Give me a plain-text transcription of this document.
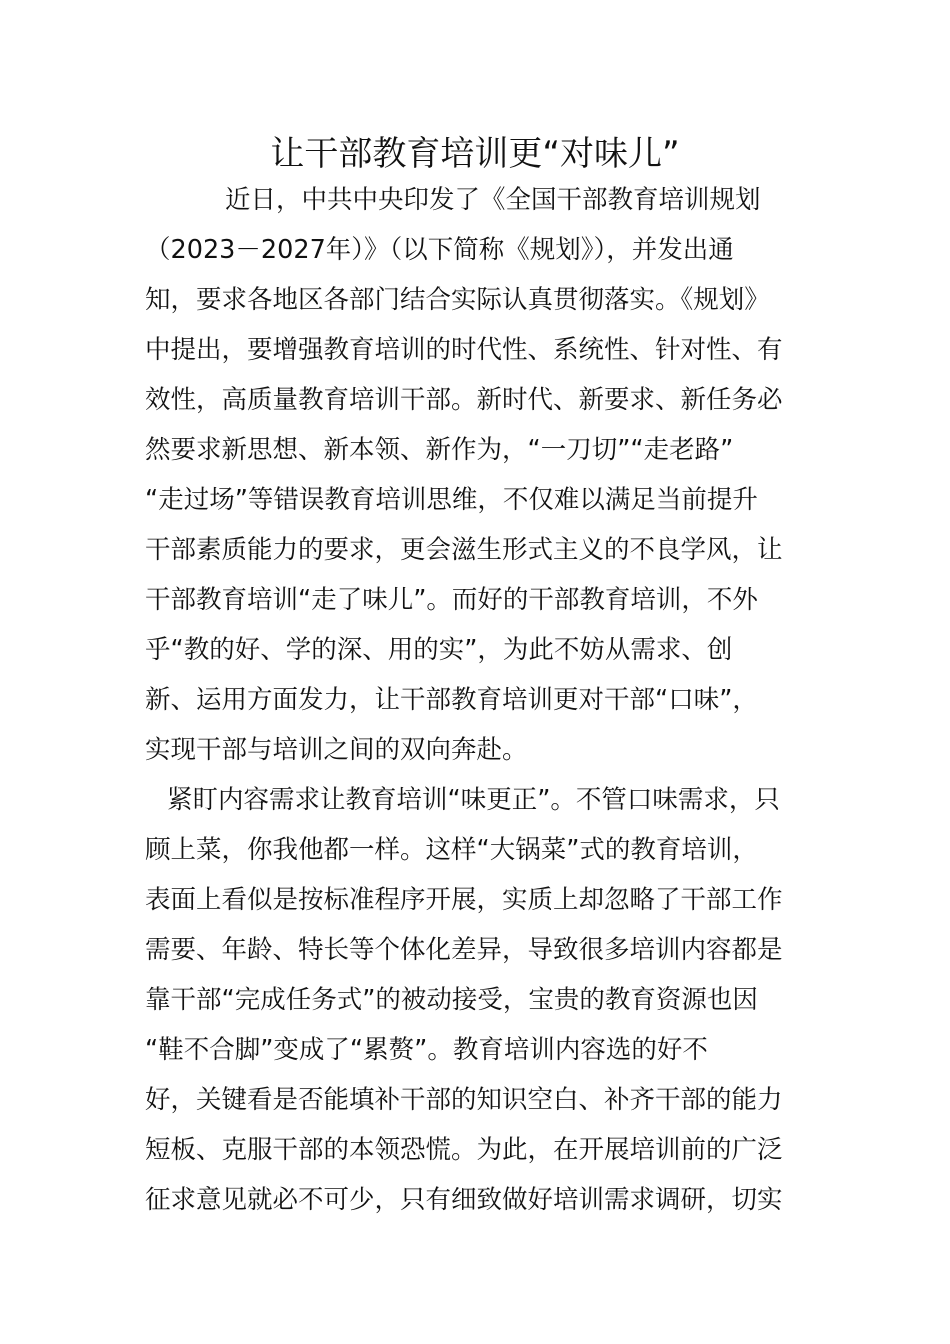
让干部教育培训更“对味儿”
近日，中共中央印发了《全国干部教育培训规划
（2023－2027年）》（以下简称《规划》），并发出通
知，要求各地区各部门结合实际认真贯彻落实。《规划》
中提出，要增强教育培训的时代性、系统性、针对性、有
效性，高质量教育培训干部。新时代、新要求、新任务必
然要求新思想、新本领、新作为，“一刀切”“走老路”
“走过场”等错误教育培训思维，不仅难以满足当前提升
干部素质能力的要求，更会滋生形式主义的不良学风，让
干部教育培训“走了味儿”。而好的干部教育培训，不外
乎“教的好、学的深、用的实”，为此不妨从需求、创
新、运用方面发力，让干部教育培训更对干部“口味”，
实现干部与培训之间的双向奔赴。
紧盯内容需求让教育培训“味更正”。不管口味需求，只
顾上菜，你我他都一样。这样“大锅菜”式的教育培训，
表面上看似是按标准程序开展，实质上却忽略了干部工作
需要、年龄、特长等个体化差异，导致很多培训内容都是
靠干部“完成任务式”的被动接受，宝贵的教育资源也因
“鞋不合脚”变成了“累赘”。教育培训内容选的好不
好，关键看是否能填补干部的知识空白、补齐干部的能力
短板、克服干部的本领恐慌。为此，在开展培训前的广泛
征求意见就必不可少，只有细致做好培训需求调研，切实
